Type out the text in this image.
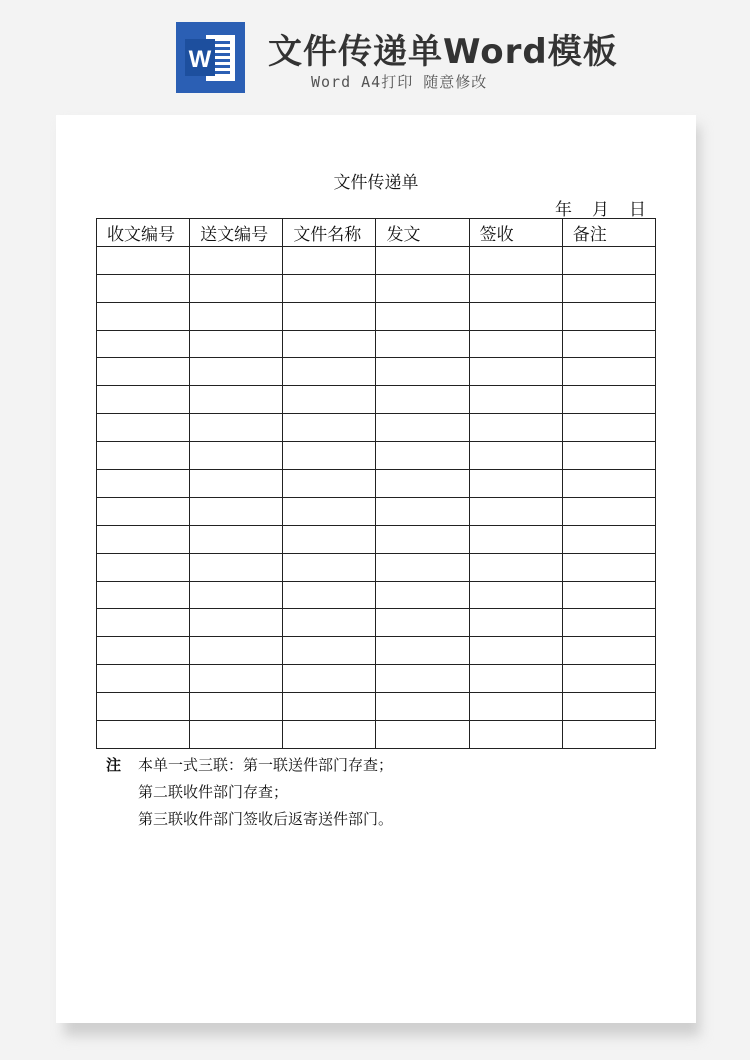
W 文件传递单Word模板
Word A4打印 随意修改
文件传递单
年 月 日
收文编号	送文编号	文件名称	发文	签收	备注

注	本单一式三联：第一联送件部门存查；
第二联收件部门存查；
第三联收件部门签收后返寄送件部门。
